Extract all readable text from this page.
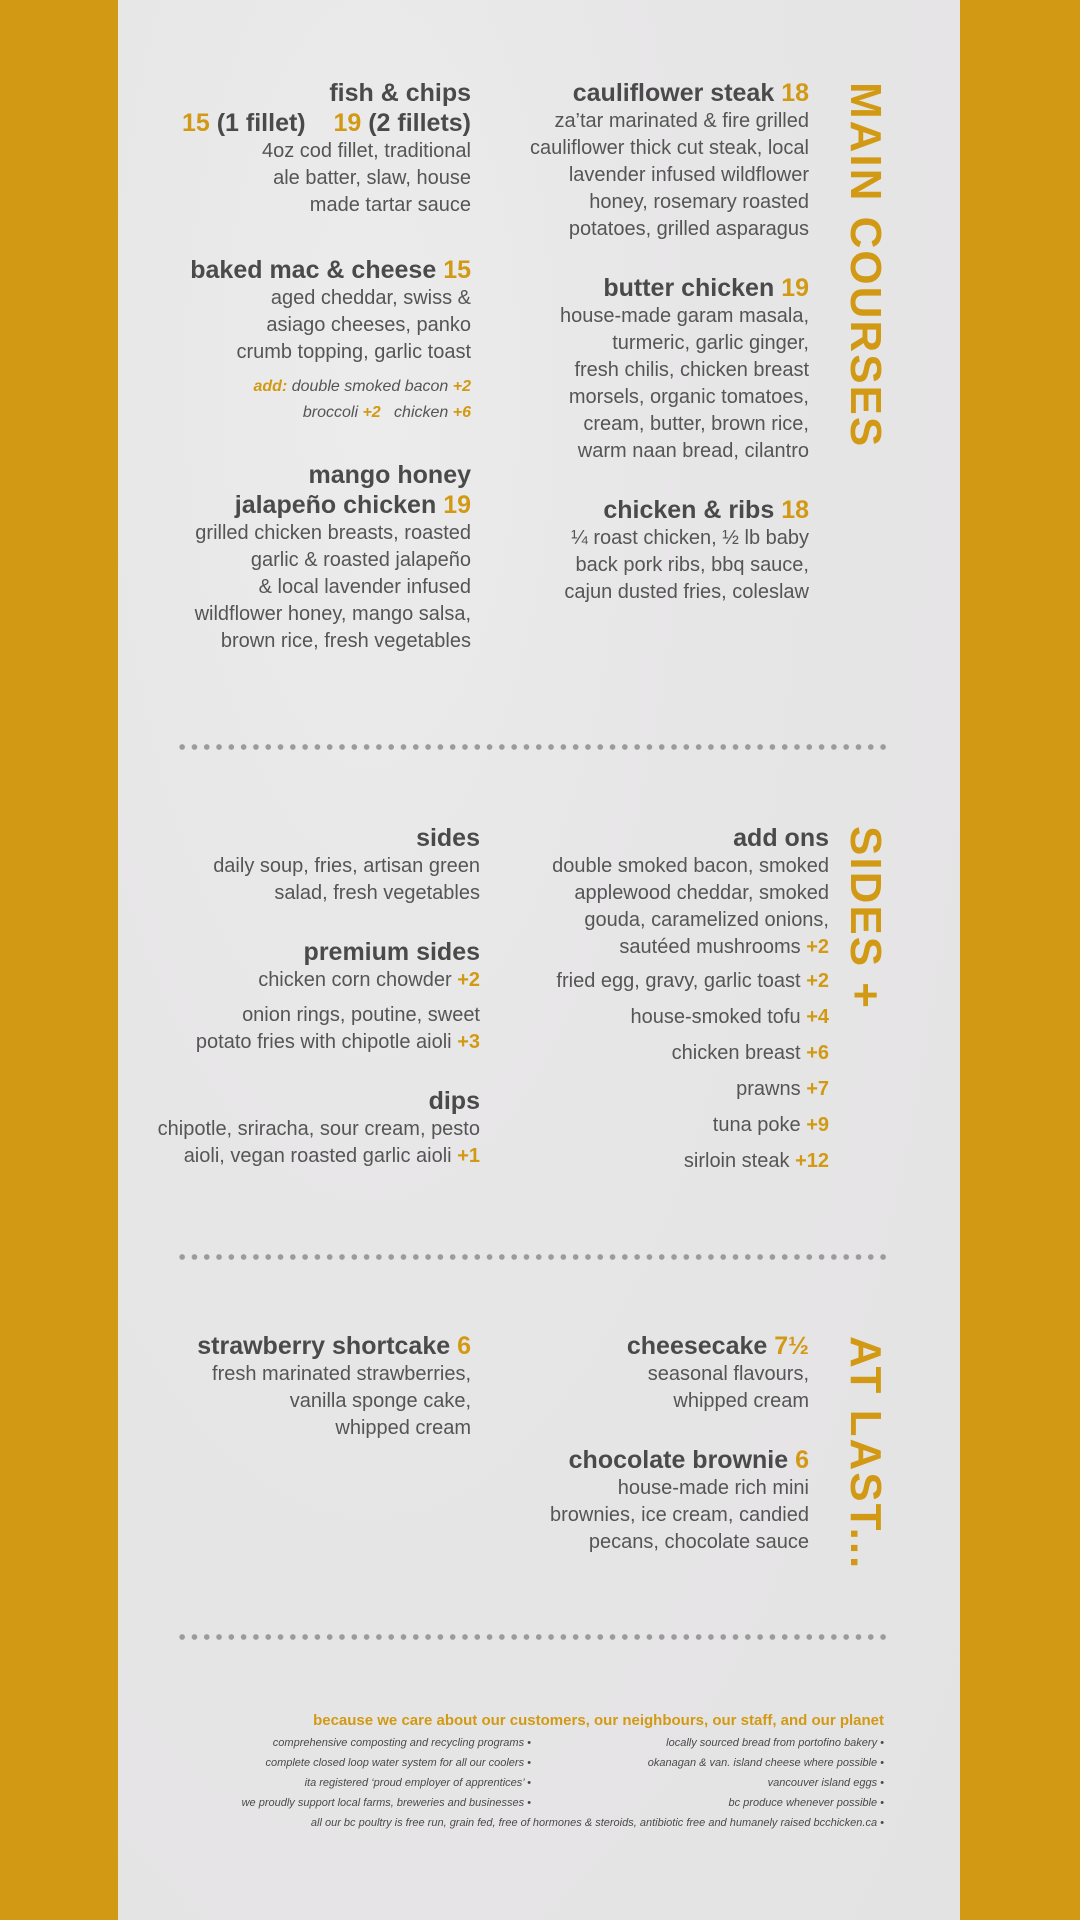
fish & chips
15 (1 fillet) 19 (2 fillets)
4oz cod fillet, traditional
ale batter, slaw, house
made tartar sauce
baked mac & cheese 15
aged cheddar, swiss &
asiago cheeses, panko
crumb topping, garlic toast
add: double smoked bacon +2
broccoli +2 chicken +6
mango honey
jalapeño chicken 19
grilled chicken breasts, roasted
garlic & roasted jalapeño
& local lavender infused
wildflower honey, mango salsa,
brown rice, fresh vegetables
cauliflower steak 18
za’tar marinated & fire grilled
cauliflower thick cut steak, local
lavender infused wildflower
honey, rosemary roasted
potatoes, grilled asparagus
butter chicken 19
house-made garam masala,
turmeric, garlic ginger,
fresh chilis, chicken breast
morsels, organic tomatoes,
cream, butter, brown rice,
warm naan bread, cilantro
chicken & ribs 18
¼ roast chicken, ½ lb baby
back pork ribs, bbq sauce,
cajun dusted fries, coleslaw
MAIN COURSES
sides
daily soup, fries, artisan green
salad, fresh vegetables
premium sides
chicken corn chowder +2
onion rings, poutine, sweet
potato fries with chipotle aioli +3
dips
chipotle, sriracha, sour cream, pesto
aioli, vegan roasted garlic aioli +1
add ons
double smoked bacon, smoked
applewood cheddar, smoked
gouda, caramelized onions,
sautéed mushrooms +2
fried egg, gravy, garlic toast +2
house-smoked tofu +4
chicken breast +6
prawns +7
tuna poke +9
sirloin steak +12
SIDES +
strawberry shortcake 6
fresh marinated strawberries,
vanilla sponge cake,
whipped cream
cheesecake 7½
seasonal flavours,
whipped cream
chocolate brownie 6
house-made rich mini
brownies, ice cream, candied
pecans, chocolate sauce AT LAST...
because we care about our customers, our neighbours, our staff, and our planet
comprehensive composting and recycling programs •
complete closed loop water system for all our coolers •
ita registered ‘proud employer of apprentices’ •
we proudly support local farms, breweries and businesses •
locally sourced bread from portofino bakery •
okanagan & van. island cheese where possible •
vancouver island eggs •
bc produce whenever possible •
all our bc poultry is free run, grain fed, free of hormones & steroids, antibiotic free and humanely raised bcchicken.ca •
